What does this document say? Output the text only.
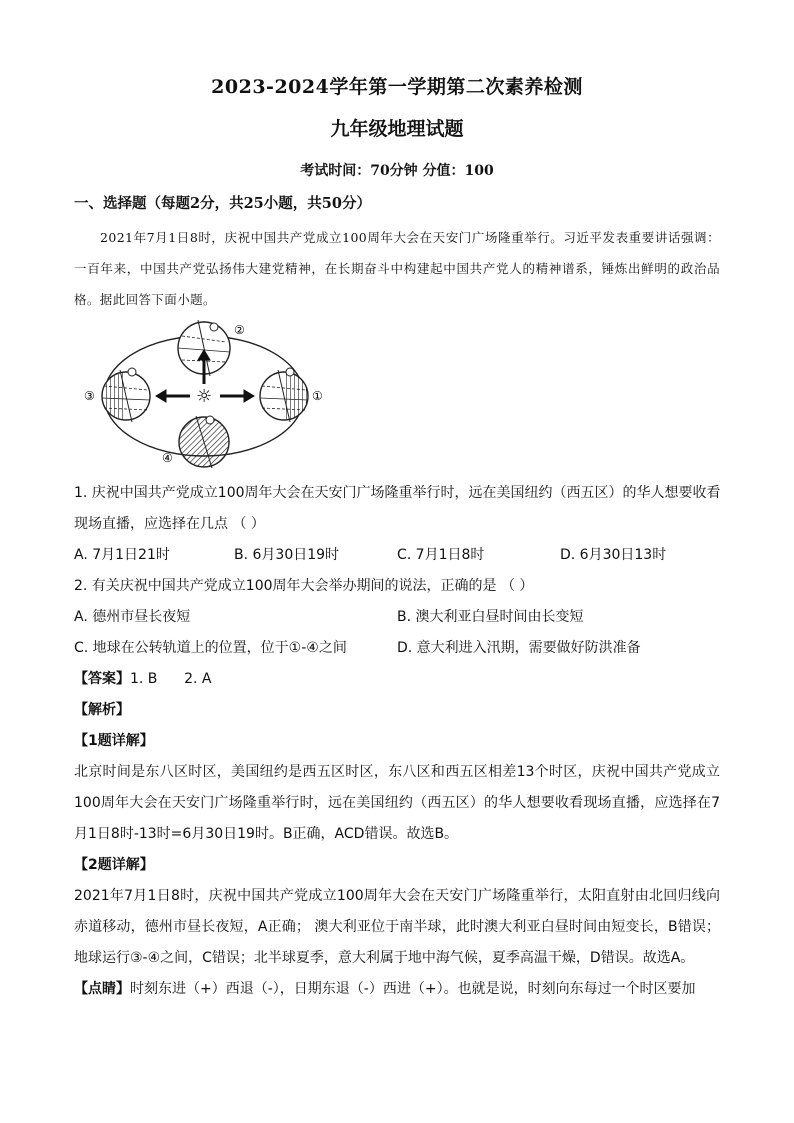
2023-2024学年第一学期第二次素养检测
九年级地理试题
考试时间：70分钟 分值：100
一、选择题（每题2分，共25小题，共50分）
2021年7月1日8时，庆祝中国共产党成立100周年大会在天安门广场隆重举行。习近平发表重要讲话强调：一百年来，中国共产党弘扬伟大建党精神，在长期奋斗中构建起中国共产党人的精神谱系，锤炼出鲜明的政治品格。据此回答下面小题。
②
③	①
④
☼
1. 庆祝中国共产党成立100周年大会在天安门广场隆重举行时，远在美国纽约（西五区）的华人想要收看现场直播，应选择在几点 （ ）
A. 7月1日21时	B. 6月30日19时	C. 7月1日8时	D. 6月30日13时
2. 有关庆祝中国共产党成立100周年大会举办期间的说法，正确的是 （ ）
A. 德州市昼长夜短	B. 澳大利亚白昼时间由长变短
C. 地球在公转轨道上的位置，位于①-④之间	D. 意大利进入汛期，需要做好防洪准备
【答案】1. B      2. A
【解析】
【1题详解】
北京时间是东八区时区，美国纽约是西五区时区，东八区和西五区相差13个时区，庆祝中国共产党成立100周年大会在天安门广场隆重举行时，远在美国纽约（西五区）的华人想要收看现场直播，应选择在7月1日8时-13时=6月30日19时。B正确，ACD错误。故选B。
【2题详解】
2021年7月1日8时，庆祝中国共产党成立100周年大会在天安门广场隆重举行，太阳直射由北回归线向赤道移动，德州市昼长夜短，A正确； 澳大利亚位于南半球，此时澳大利亚白昼时间由短变长，B错误；地球运行③-④之间，C错误；北半球夏季，意大利属于地中海气候，夏季高温干燥，D错误。故选A。
【点睛】时刻东进（+）西退（-），日期东退（-）西进（+）。也就是说，时刻向东每过一个时区要加
